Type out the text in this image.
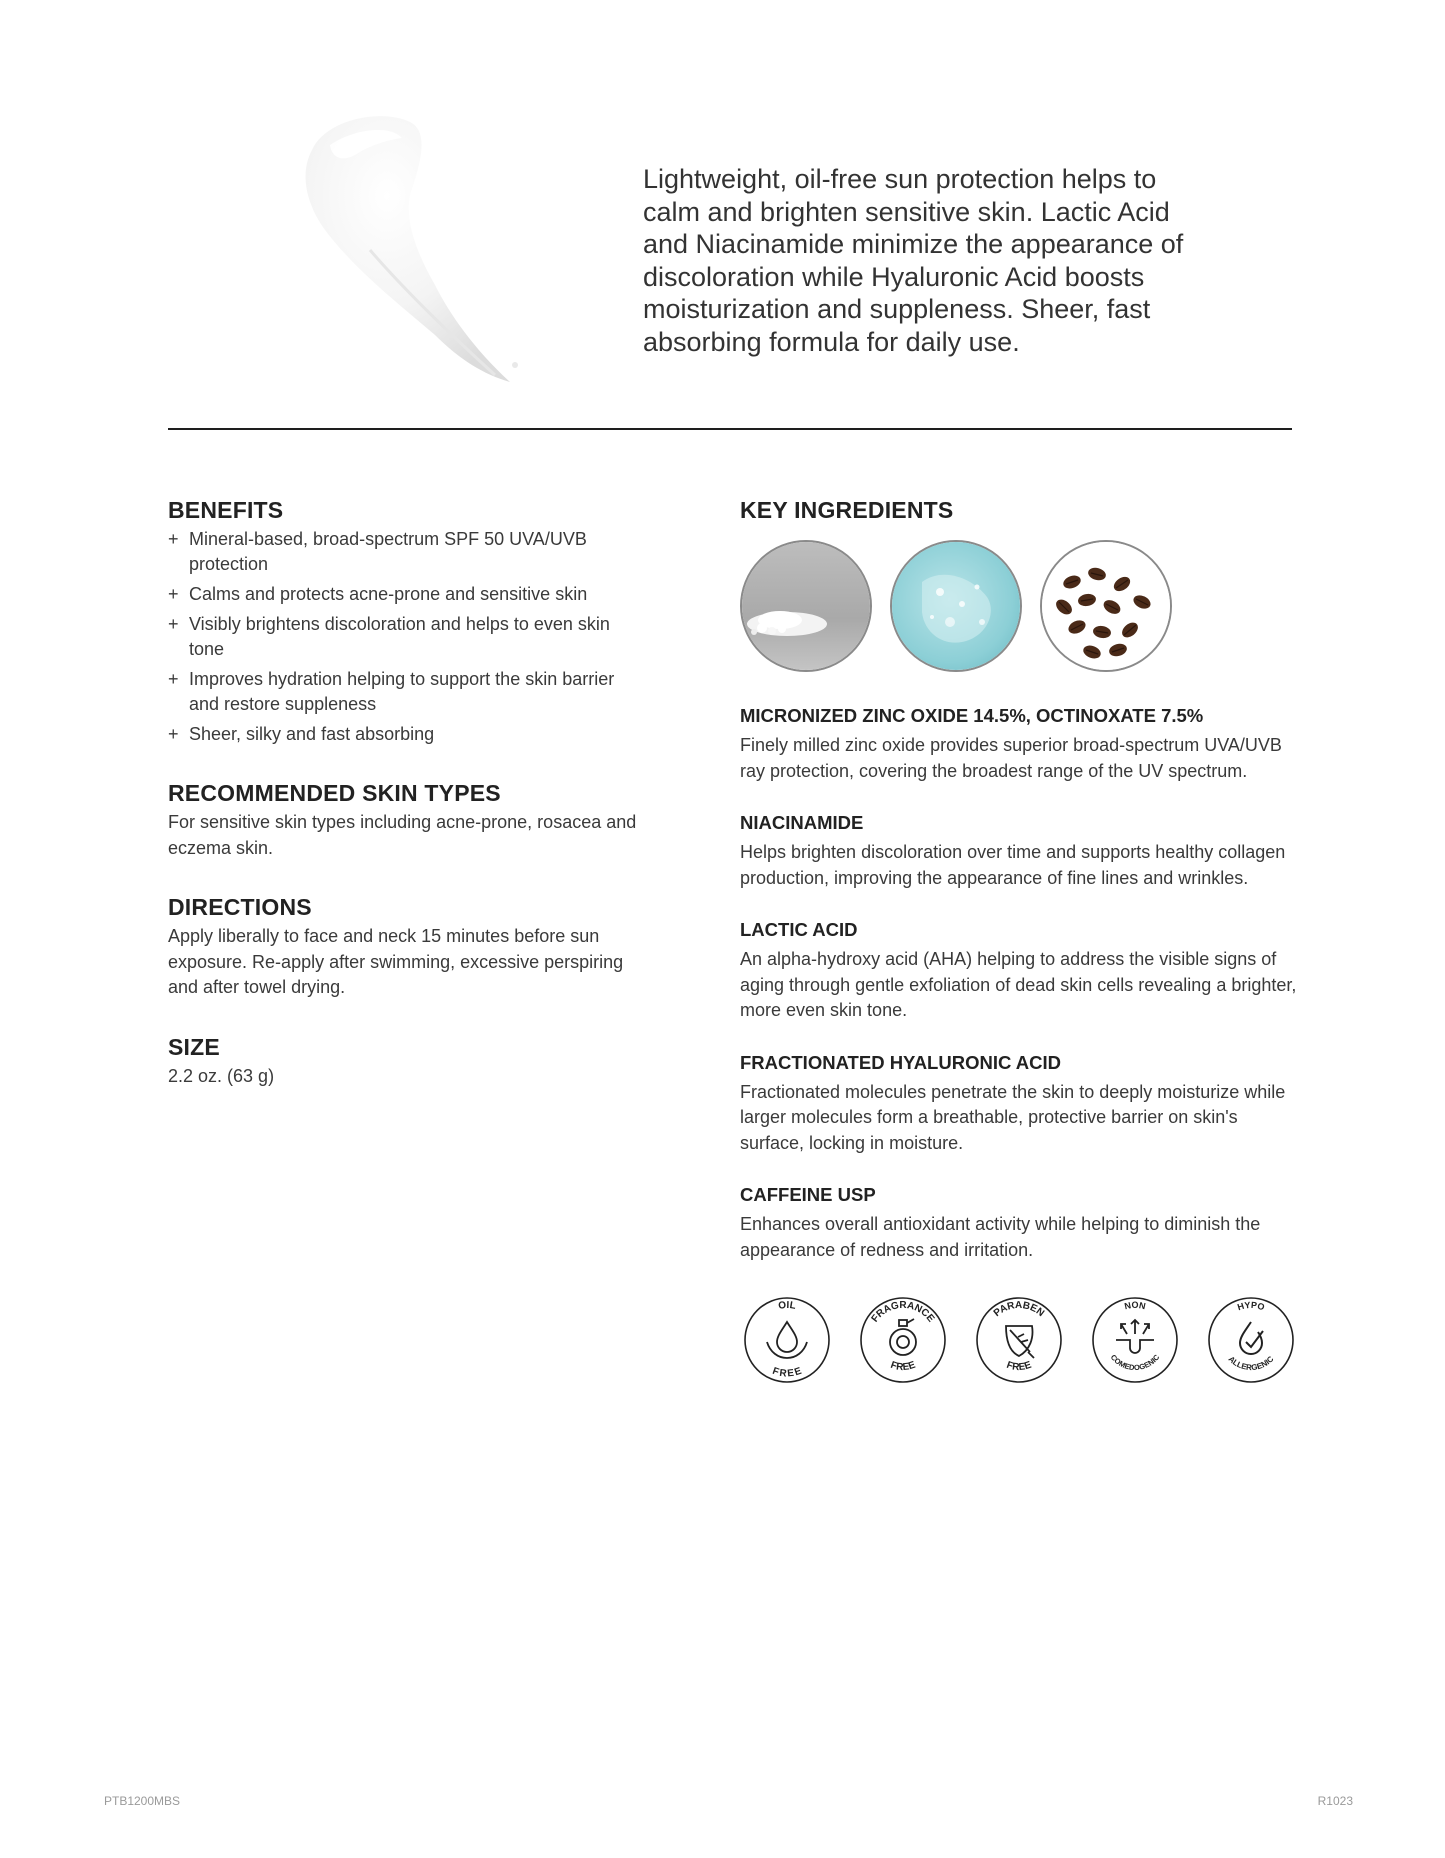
Lightweight, oil-free sun protection helps to calm and brighten sensitive skin. Lactic Acid and Niacinamide minimize the appearance of discoloration while Hyaluronic Acid boosts moisturization and suppleness. Sheer, fast absorbing formula for daily use.

BENEFITS
+ Mineral-based, broad-spectrum SPF 50 UVA/UVB protection
+ Calms and protects acne-prone and sensitive skin
+ Visibly brightens discoloration and helps to even skin tone
+ Improves hydration helping to support the skin barrier and restore suppleness
+ Sheer, silky and fast absorbing
RECOMMENDED SKIN TYPES

For sensitive skin types including acne-prone, rosacea and eczema skin.

DIRECTIONS

Apply liberally to face and neck 15 minutes before sun exposure. Re-apply after swimming, excessive perspiring and after towel drying.

SIZE

2.2 oz. (63 g)

KEY INGREDIENTS
MICRONIZED ZINC OXIDE 14.5%, OCTINOXATE 7.5%

Finely milled zinc oxide provides superior broad-spectrum UVA/UVB ray protection, covering the broadest range of the UV spectrum.

NIACINAMIDE

Helps brighten discoloration over time and supports healthy collagen production, improving the appearance of fine lines and wrinkles.

LACTIC ACID

An alpha-hydroxy acid (AHA) helping to address the visible signs of aging through gentle exfoliation of dead skin cells revealing a brighter, more even skin tone.

FRACTIONATED HYALURONIC ACID

Fractionated molecules penetrate the skin to deeply moisturize while larger molecules form a breathable, protective barrier on skin's surface, locking in moisture.

CAFFEINE USP

Enhances overall antioxidant activity while helping to diminish the appearance of redness and irritation.

OIL
FREE
FRAGRANCE
FREE
PARABEN
FREE
NON
COMEDOGENIC
HYPO
ALLERGENIC
PTB1200MBS	R1023
